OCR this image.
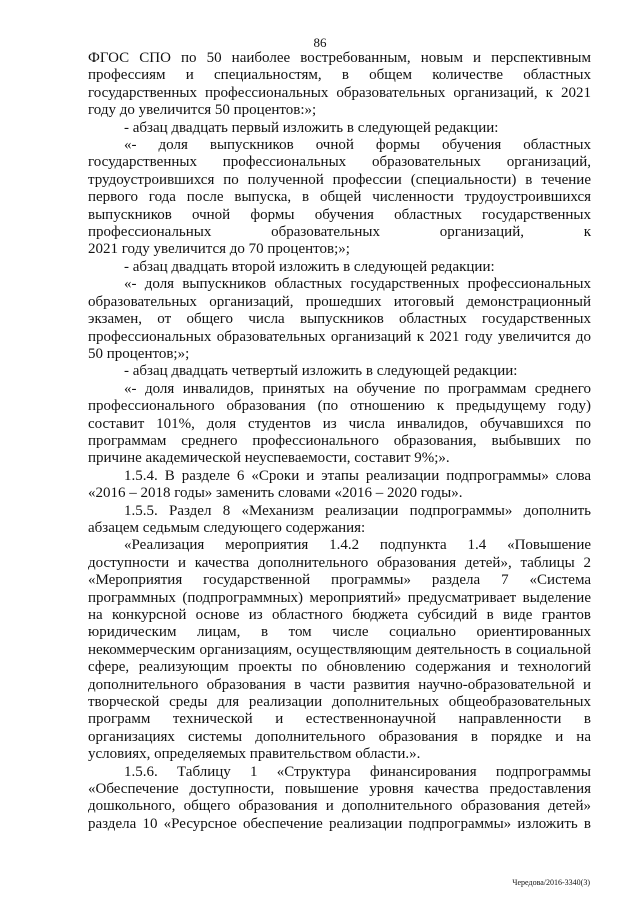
86
ФГОС СПО по 50 наиболее востребованным, новым и перспективным
профессиям и специальностям, в общем количестве областных
государственных профессиональных образовательных организаций, к 2021
году до увеличится 50 процентов:»;
- абзац двадцать первый изложить в следующей редакции:
«- доля выпускников очной формы обучения областных
государственных профессиональных образовательных организаций,
трудоустроившихся по полученной профессии (специальности) в течение
первого года после выпуска, в общей численности трудоустроившихся
выпускников очной формы обучения областных государственных
профессиональных образовательных организаций, к
2021 году увеличится до 70 процентов;»;
- абзац двадцать второй изложить в следующей редакции:
«- доля выпускников областных государственных профессиональных
образовательных организаций, прошедших итоговый демонстрационный
экзамен, от общего числа выпускников областных государственных
профессиональных образовательных организаций к 2021 году увеличится до
50 процентов;»;
- абзац двадцать четвертый изложить в следующей редакции:
«- доля инвалидов, принятых на обучение по программам среднего
профессионального образования (по отношению к предыдущему году)
составит 101%, доля студентов из числа инвалидов, обучавшихся по
программам среднего профессионального образования, выбывших по
причине академической неуспеваемости, составит 9%;».
1.5.4. В разделе 6 «Сроки и этапы реализации подпрограммы» слова
«2016 – 2018 годы» заменить словами «2016 – 2020 годы».
1.5.5. Раздел 8 «Механизм реализации подпрограммы» дополнить
абзацем седьмым следующего содержания:
«Реализация мероприятия 1.4.2 подпункта 1.4 «Повышение
доступности и качества дополнительного образования детей», таблицы 2
«Мероприятия государственной программы» раздела 7 «Система
программных (подпрограммных) мероприятий» предусматривает выделение
на конкурсной основе из областного бюджета субсидий в виде грантов
юридическим лицам, в том числе социально ориентированных
некоммерческим организациям, осуществляющим деятельность в социальной
сфере, реализующим проекты по обновлению содержания и технологий
дополнительного образования в части развития научно-образовательной и
творческой среды для реализации дополнительных общеобразовательных
программ технической и естественнонаучной направленности в
организациях системы дополнительного образования в порядке и на
условиях, определяемых правительством области.».
1.5.6. Таблицу 1 «Структура финансирования подпрограммы
«Обеспечение доступности, повышение уровня качества предоставления
дошкольного, общего образования и дополнительного образования детей»
раздела 10 «Ресурсное обеспечение реализации подпрограммы» изложить в
Чередова/2016-3340(3)
